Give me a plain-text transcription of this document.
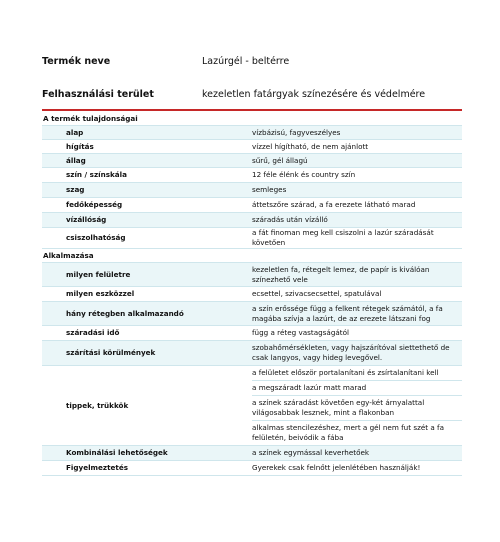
Termék neve	Lazúrgél - beltérre
Felhasználási terület	kezeletlen fatárgyak színezésére és védelmére
A termék tulajdonságai	
alap	vízbázisú, fagyveszélyes
hígítás	vízzel hígítható, de nem ajánlott
állag	sűrű, gél állagú
szín / színskála	12 féle élénk és country szín
szag	semleges
fedőképesség	áttetszőre szárad, a fa erezete látható marad
vízállóság	száradás után vízálló
csiszolhatóság	a fát finoman meg kell csiszolni a lazúr száradását követően
Alkalmazása	
milyen felületre	kezeletlen fa, rétegelt lemez, de papír is kiválóan színezhető vele
milyen eszközzel	ecsettel, szivacsecsettel, spatulával
hány rétegben alkalmazandó	a szín erőssége függ a felkent rétegek számától, a fa magába szívja a lazúrt, de az erezete látszani fog
száradási idő	függ a réteg vastagságától
szárítási körülmények	szobahőmérsékleten, vagy hajszárítóval siettethető de csak langyos, vagy hideg levegővel.
tippek, trükkök	a felületet először portalanítani és zsírtalanítani kell
a megszáradt lazúr matt marad
a színek száradást követően egy-két árnyalattal világosabbak lesznek, mint a flakonban
alkalmas stencilezéshez, mert a gél nem fut szét a fa felületén, beivódik a fába

Kombinálási lehetőségek	a színek egymással keverhetőek
Figyelmeztetés	Gyerekek csak felnőtt jelenlétében használják!
